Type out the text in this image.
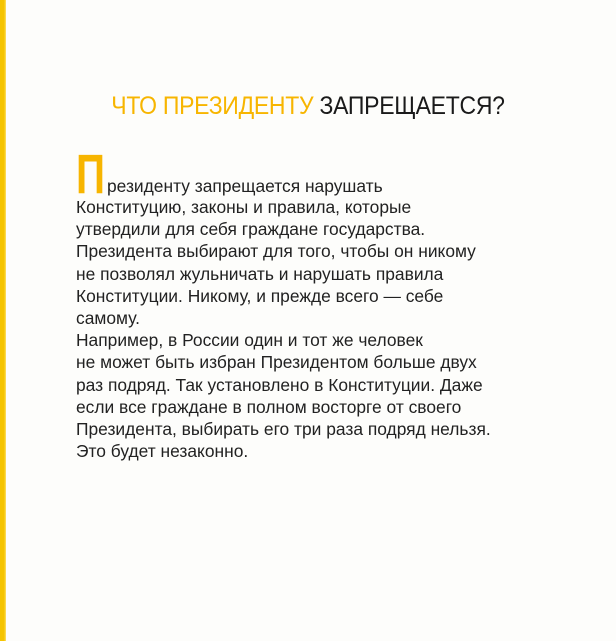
ЧТО ПРЕЗИДЕНТУ ЗАПРЕЩАЕТСЯ?
П резиденту запрещается нарушать
Конституцию, законы и правила, которые
утвердили для себя граждане государства.
Президента выбирают для того, чтобы он никому
не позволял жульничать и нарушать правила
Конституции. Никому, и прежде всего — себе
самому.
Например, в России один и тот же человек
не может быть избран Президентом больше двух
раз подряд. Так установлено в Конституции. Даже
если все граждане в полном восторге от своего
Президента, выбирать его три раза подряд нельзя.
Это будет незаконно.
